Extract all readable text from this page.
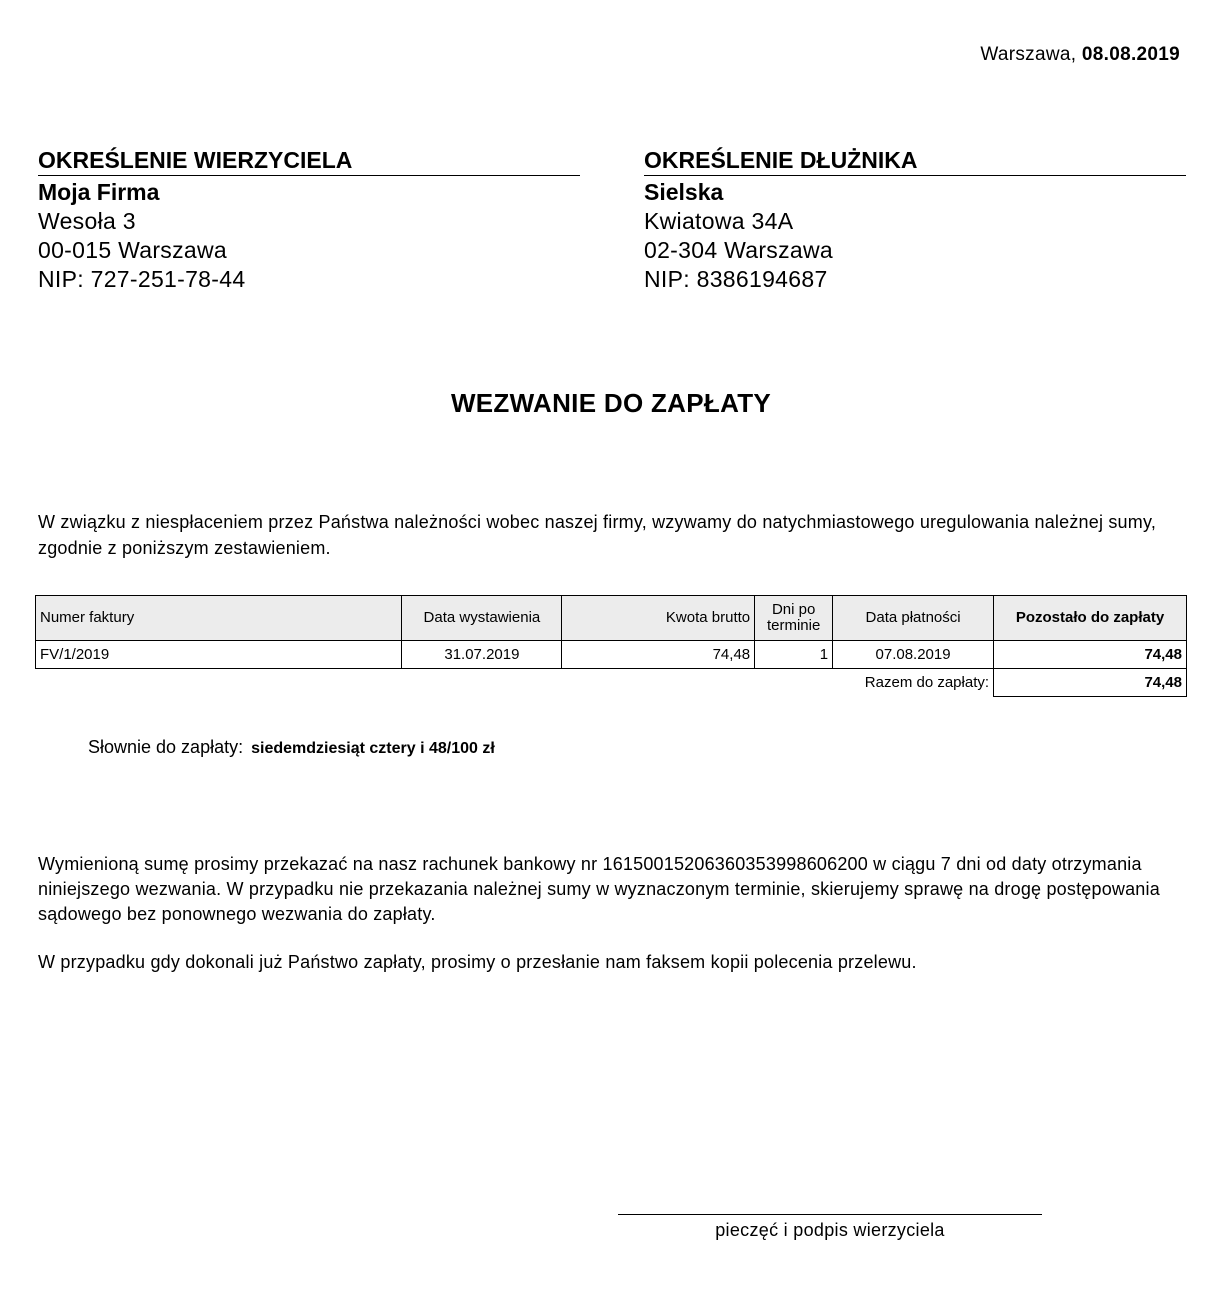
Warszawa, 08.08.2019
OKREŚLENIE WIERZYCIELA
Moja Firma
Wesoła 3
00-015 Warszawa
NIP: 727-251-78-44
OKREŚLENIE DŁUŻNIKA
Sielska
Kwiatowa 34A
02-304 Warszawa
NIP: 8386194687
WEZWANIE DO ZAPŁATY
W związku z niespłaceniem przez Państwa należności wobec naszej firmy, wzywamy do natychmiastowego uregulowania należnej sumy, zgodnie z poniższym zestawieniem.
Numer faktury	Data wystawienia	Kwota brutto	Dni po terminie	Data płatności	Pozostało do zapłaty
FV/1/2019	31.07.2019	74,48	1	07.08.2019	74,48
				Razem do zapłaty:	74,48
Słownie do zapłaty: siedemdziesiąt cztery i 48/100 zł
Wymienioną sumę prosimy przekazać na nasz rachunek bankowy nr 16150015206360353998606200 w ciągu 7 dni od daty otrzymania niniejszego wezwania. W przypadku nie przekazania należnej sumy w wyznaczonym terminie, skierujemy sprawę na drogę postępowania sądowego bez ponownego wezwania do zapłaty.
W przypadku gdy dokonali już Państwo zapłaty, prosimy o przesłanie nam faksem kopii polecenia przelewu.
pieczęć i podpis wierzyciela
